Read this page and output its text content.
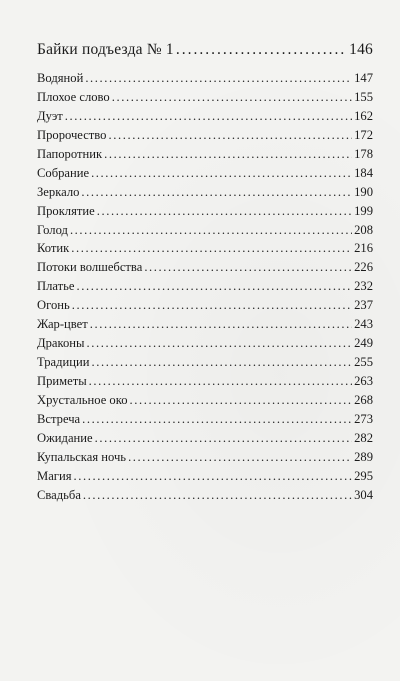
Байки подъезда № 1 .....	146
Водяной .....	147
Плохое слово .....	155
Дуэт .....	162
Пророчество .....	172
Папоротник .....	178
Собрание .....	184
Зеркало .....	190
Проклятие .....	199
Голод .....	208
Котик .....	216
Потоки волшебства .....	226
Платье .....	232
Огонь .....	237
Жар-цвет .....	243
Драконы .....	249
Традиции .....	255
Приметы .....	263
Хрустальное око .....	268
Встреча .....	273
Ожидание .....	282
Купальская ночь .....	289
Магия .....	295
Свадьба .....	304
